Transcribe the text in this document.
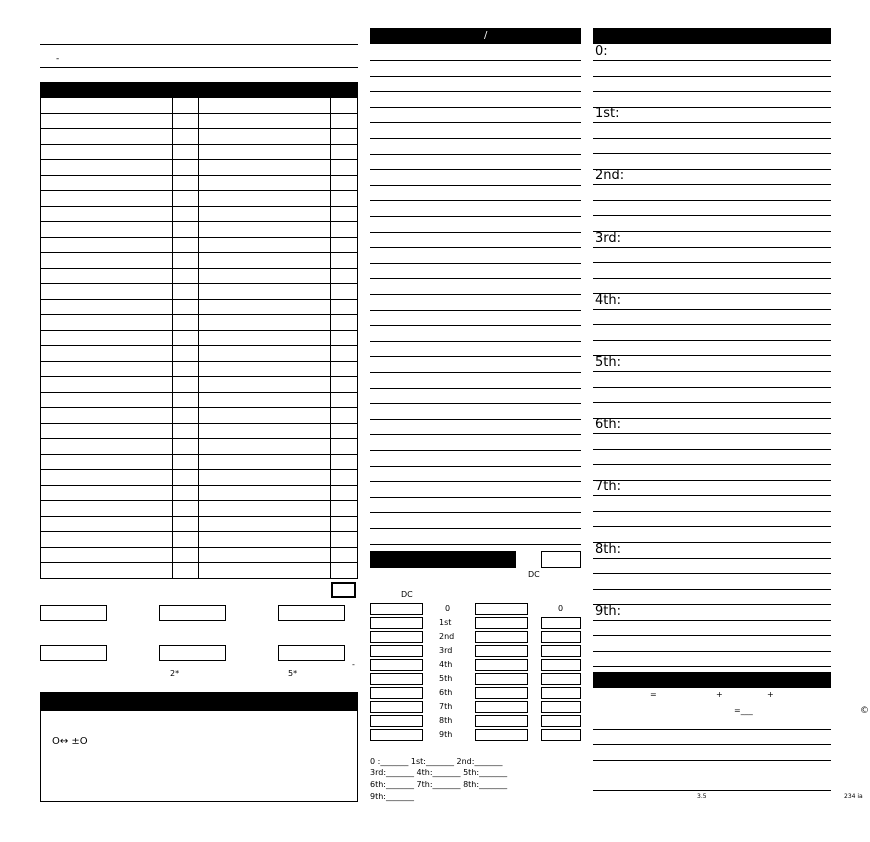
-

2*	5*
-
O↔ ±O
/
DC
DC
0	0
1st
2nd
3rd
4th
5th
6th
7th
8th
9th
0 :_______ 1st:_______ 2nd:_______
3rd:_______ 4th:_______ 5th:_______
6th:_______ 7th:_______ 8th:_______
9th:_______
0:
1st:
2nd:
3rd:
4th:
5th:
6th:
7th:
8th:
9th:
=	+	+
=___	©
3.5	234 ia
